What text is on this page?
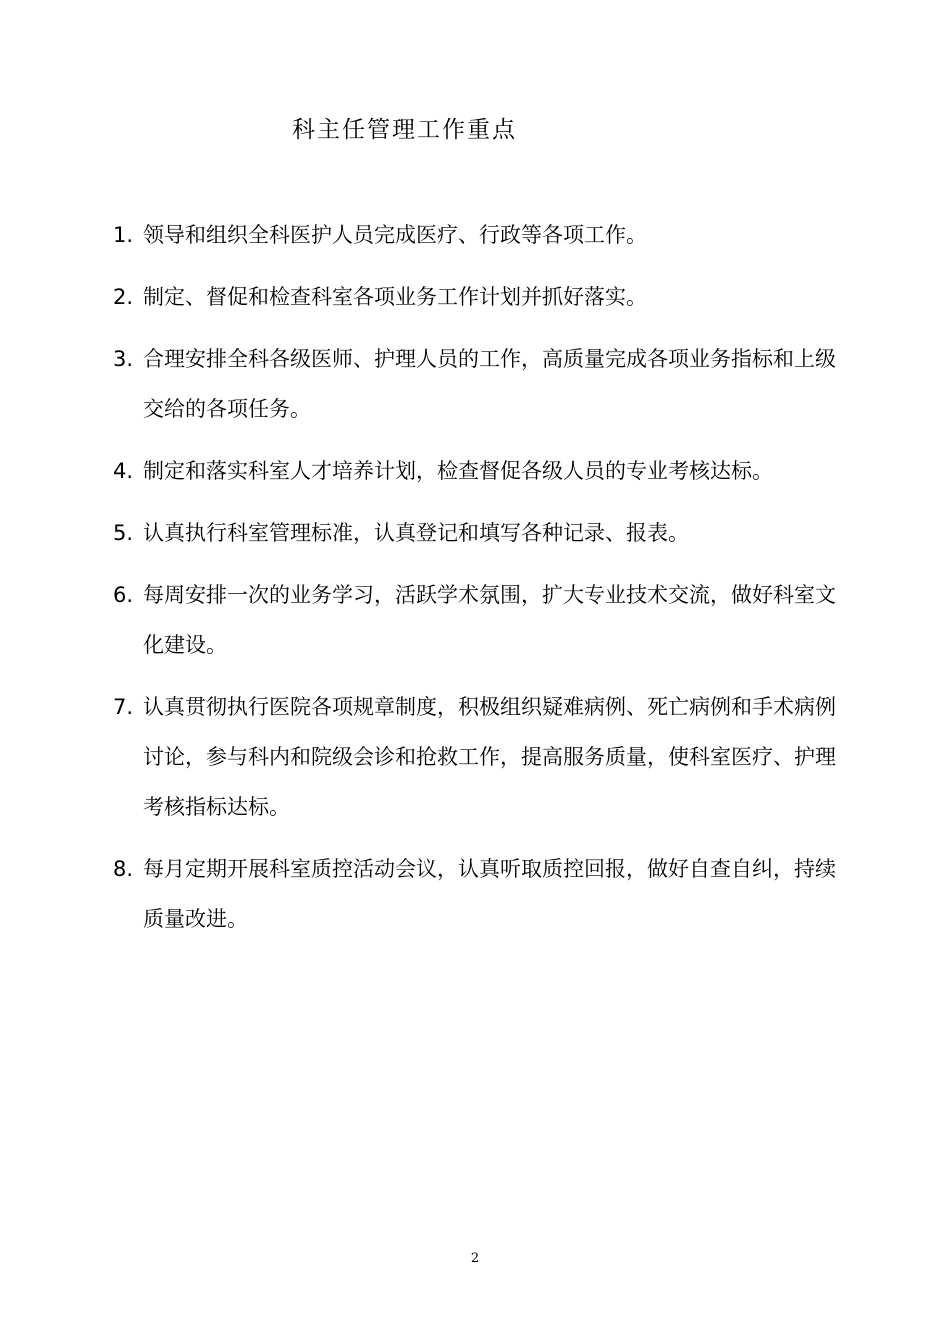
科主任管理工作重点
1. 领导和组织全科医护人员完成医疗、行政等各项工作。
2. 制定、督促和检查科室各项业务工作计划并抓好落实。
3. 合理安排全科各级医师、护理人员的工作，高质量完成各项业务指标和上级交给的各项任务。
4. 制定和落实科室人才培养计划，检查督促各级人员的专业考核达标。
5. 认真执行科室管理标准，认真登记和填写各种记录、报表。
6. 每周安排一次的业务学习，活跃学术氛围，扩大专业技术交流，做好科室文化建设。
7. 认真贯彻执行医院各项规章制度，积极组织疑难病例、死亡病例和手术病例讨论，参与科内和院级会诊和抢救工作，提高服务质量，使科室医疗、护理考核指标达标。
8. 每月定期开展科室质控活动会议，认真听取质控回报，做好自查自纠，持续质量改进。
2
